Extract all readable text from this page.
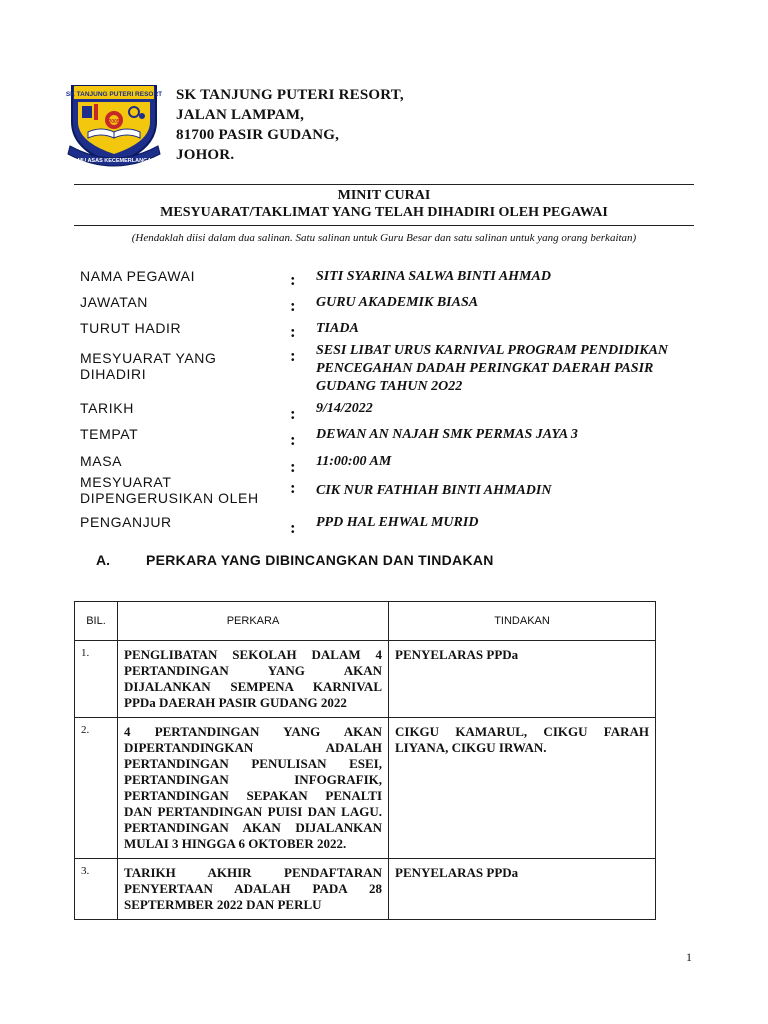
SK TANJUNG PUTERI RESORT
2005
ILMU ASAS KECEMERLANGAN
SK TANJUNG PUTERI RESORT,
JALAN LAMPAM,
81700 PASIR GUDANG,
JOHOR.
MINIT CURAI
MESYUARAT/TAKLIMAT YANG TELAH DIHADIRI OLEH PEGAWAI
(Hendaklah diisi dalam dua salinan. Satu salinan untuk Guru Besar dan satu salinan untuk yang orang berkaitan)
NAMA PEGAWAI	: SITI SYARINA SALWA BINTI AHMAD
JAWATAN	: GURU AKADEMIK BIASA
TURUT HADIR	: TIADA
MESYUARAT YANG DIHADIRI
: SESI LIBAT URUS KARNIVAL PROGRAM PENDIDIKAN PENCEGAHAN DADAH PERINGKAT DAERAH PASIR GUDANG TAHUN 2O22
TARIKH	: 9/14/2022
TEMPAT	: DEWAN AN NAJAH SMK PERMAS JAYA 3
MASA	: 11:00:00 AM
MESYUARAT DIPENGERUSIKAN OLEH
: CIK NUR FATHIAH BINTI AHMADIN
PENGANJUR	: PPD HAL EHWAL MURID
A.	PERKARA YANG DIBINCANGKAN DAN TINDAKAN
BIL.	PERKARA	TINDAKAN
1.	PENGLIBATAN SEKOLAH DALAM 4 PERTANDINGAN YANG AKAN DIJALANKAN SEMPENA KARNIVAL PPDa DAERAH PASIR GUDANG 2022	PENYELARAS PPDa
2.	4 PERTANDINGAN YANG AKAN DIPERTANDINGKAN ADALAH PERTANDINGAN PENULISAN ESEI, PERTANDINGAN INFOGRAFIK, PERTANDINGAN SEPAKAN PENALTI DAN PERTANDINGAN PUISI DAN LAGU. PERTANDINGAN AKAN DIJALANKAN MULAI 3 HINGGA 6 OKTOBER 2022.	CIKGU KAMARUL, CIKGU FARAH LIYANA, CIKGU IRWAN.
3.	TARIKH AKHIR PENDAFTARAN PENYERTAAN ADALAH PADA 28 SEPTERMBER 2022 DAN PERLU	PENYELARAS PPDa
1
